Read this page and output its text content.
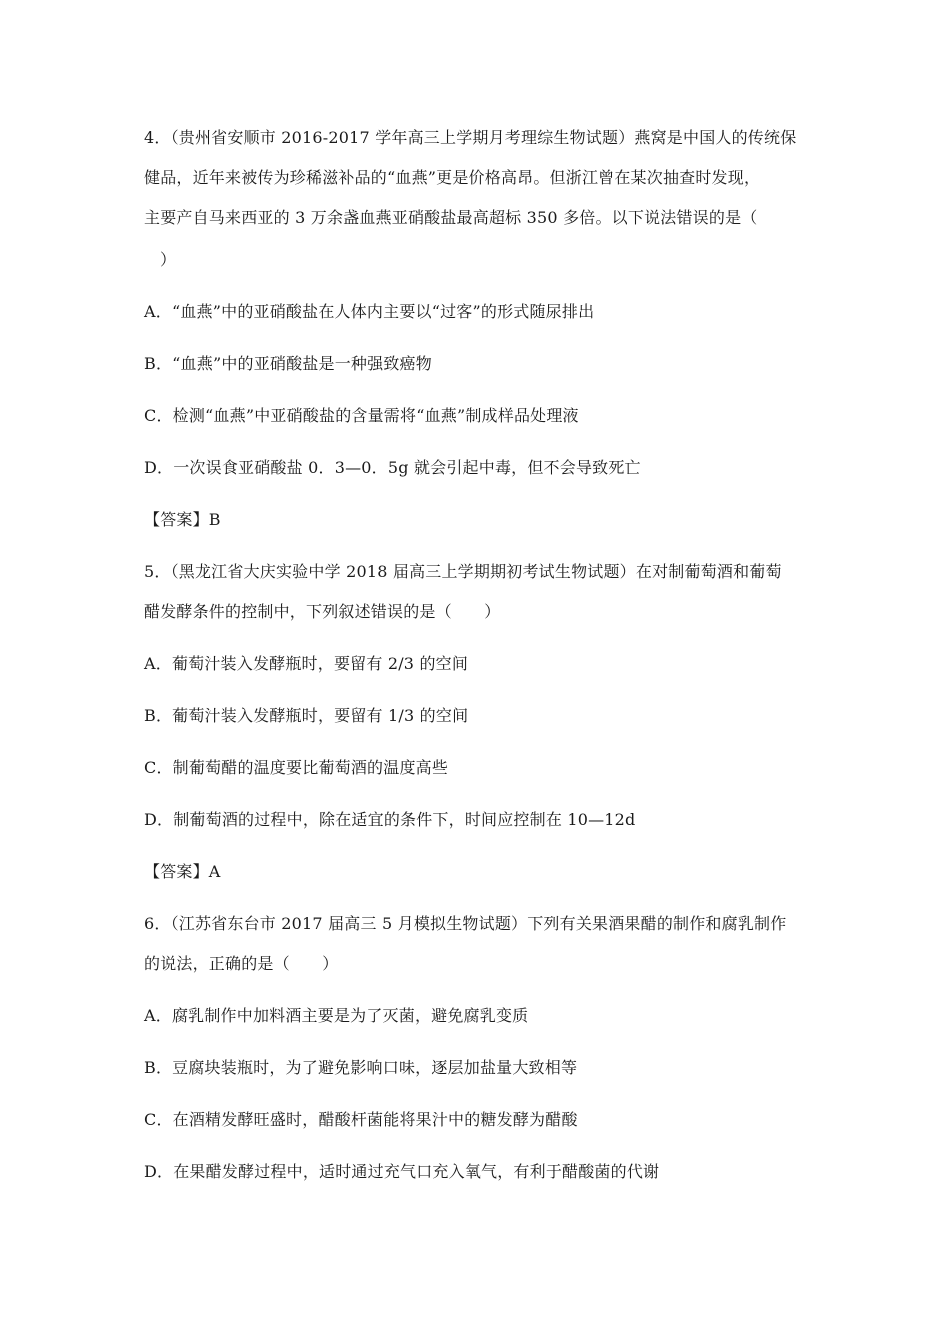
4．（贵州省安顺市 2016-2017 学年高三上学期月考理综生物试题）燕窝是中国人的传统保
健品，近年来被传为珍稀滋补品的“血燕”更是价格高昂。但浙江曾在某次抽查时发现，
主要产自马来西亚的 3 万余盏血燕亚硝酸盐最高超标 350 多倍。以下说法错误的是（
）
A．“血燕”中的亚硝酸盐在人体内主要以“过客”的形式随尿排出
B．“血燕”中的亚硝酸盐是一种强致癌物
C．检测“血燕”中亚硝酸盐的含量需将“血燕”制成样品处理液
D．一次误食亚硝酸盐 0．3—0．5g 就会引起中毒，但不会导致死亡
【答案】B
5．（黑龙江省大庆实验中学 2018 届高三上学期期初考试生物试题）在对制葡萄酒和葡萄
醋发酵条件的控制中，下列叙述错误的是（　　）
A．葡萄汁装入发酵瓶时，要留有 2/3 的空间
B．葡萄汁装入发酵瓶时，要留有 1/3 的空间
C．制葡萄醋的温度要比葡萄酒的温度高些
D．制葡萄酒的过程中，除在适宜的条件下，时间应控制在 10—12d
【答案】A
6．（江苏省东台市 2017 届高三 5 月模拟生物试题）下列有关果酒果醋的制作和腐乳制作
的说法，正确的是（　　）
A．腐乳制作中加料酒主要是为了灭菌，避免腐乳变质
B．豆腐块装瓶时，为了避免影响口味，逐层加盐量大致相等
C．在酒精发酵旺盛时，醋酸杆菌能将果汁中的糖发酵为醋酸
D．在果醋发酵过程中，适时通过充气口充入氧气，有利于醋酸菌的代谢
